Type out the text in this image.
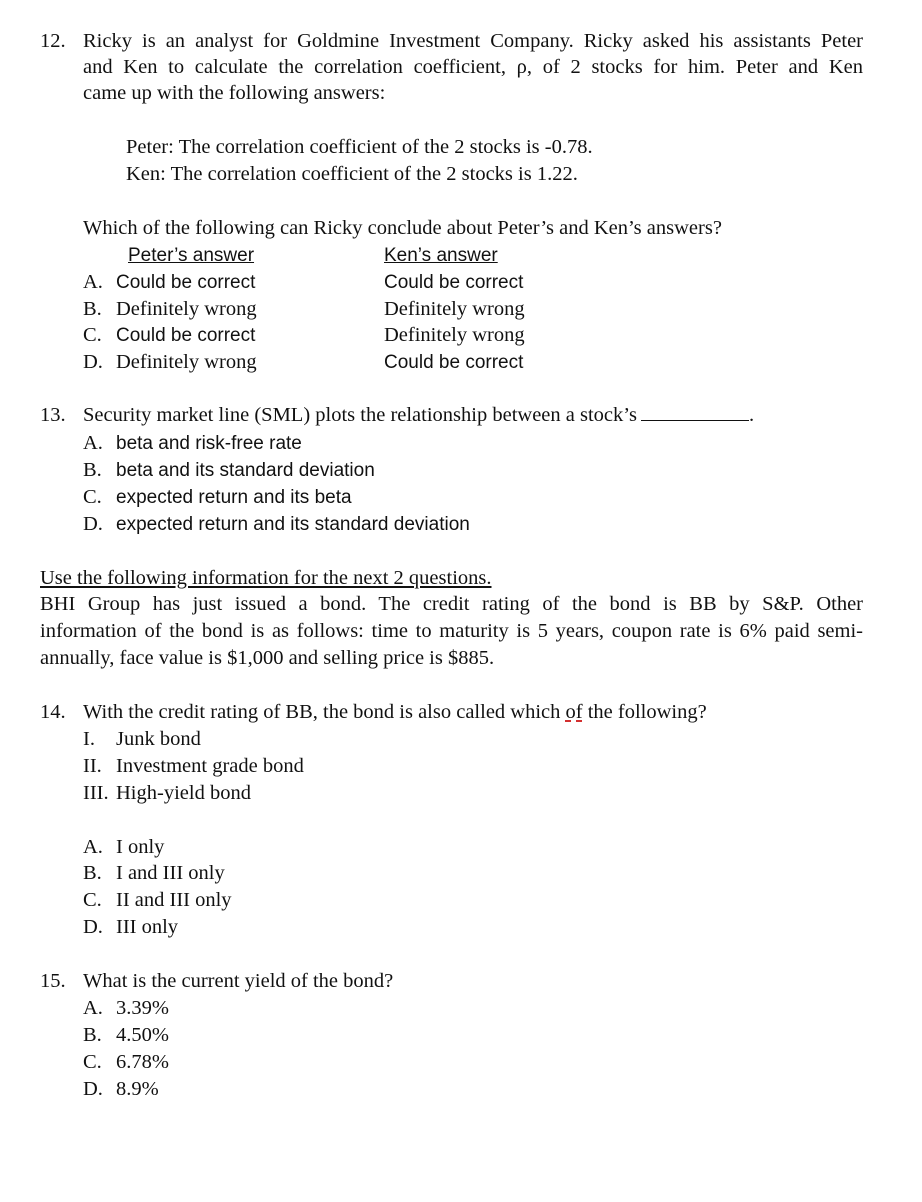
12. Ricky is an analyst for Goldmine Investment Company. Ricky asked his assistants Peter
and Ken to calculate the correlation coefficient, ρ, of 2 stocks for him. Peter and Ken
came up with the following answers:
Peter: The correlation coefficient of the 2 stocks is -0.78.
Ken: The correlation coefficient of the 2 stocks is 1.22.
Which of the following can Ricky conclude about Peter’s and Ken’s answers?
Peter’s answer	Ken’s answer
A. Could be correct	Could be correct
B. Definitely wrong	Definitely wrong
C. Could be correct	Definitely wrong
D. Definitely wrong	Could be correct
13. Security market line (SML) plots the relationship between a stock’s	.
A. beta and risk-free rate
B. beta and its standard deviation
C. expected return and its beta
D. expected return and its standard deviation
Use the following information for the next 2 questions.
BHI Group has just issued a bond. The credit rating of the bond is BB by S&P. Other
information of the bond is as follows: time to maturity is 5 years, coupon rate is 6% paid semi-
annually, face value is $1,000 and selling price is $885.
14. With the credit rating of BB, the bond is also called which of the following?
I. Junk bond
II. Investment grade bond
III. High-yield bond
A. I only
B. I and III only
C. II and III only
D. III only
15. What is the current yield of the bond?
A. 3.39%
B. 4.50%
C. 6.78%
D. 8.9%
